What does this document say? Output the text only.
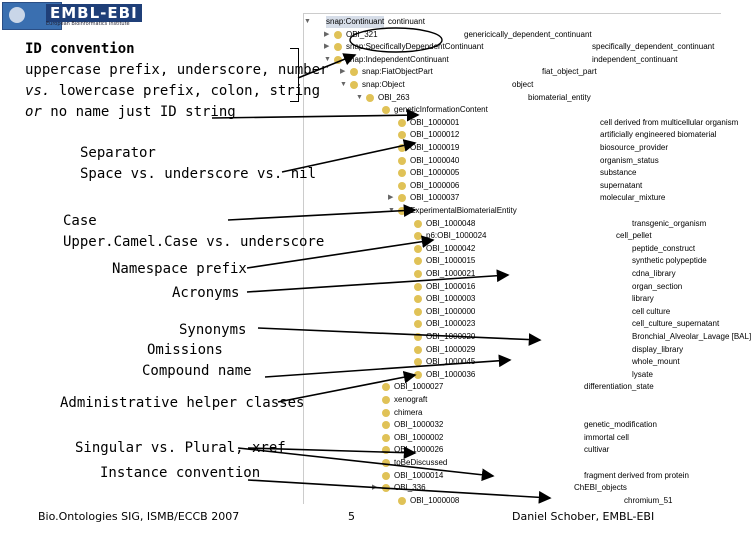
EMBL-EBI
European Bioinformatics Institute	▼ snap:Continuant continuant
▶ OBI_321	genericically_dependent_continuant
▶ snap:SpecificallyDependentContinuant	specifically_dependent_continuant
▼ snap:IndependentContinuant	independent_continuant
▶ snap:FiatObjectPart	fiat_object_part
▼ snap:Object	object
▼ OBI_263	biomaterial_entity
geneticInformationContent
OBI_1000001	cell derived from multicellular organism
OBI_1000012	artificially engineered biomaterial
OBI_1000019	biosource_provider
OBI_1000040	organism_status
OBI_1000005	substance
OBI_1000006	supernatant
▶ OBI_1000037	molecular_mixture
▼ ExperimentalBiomaterialEntity
OBI_1000048	transgenic_organism
p6:OBI_1000024	cell_pellet
OBI_1000042	peptide_construct
OBI_1000015	synthetic polypeptide
OBI_1000021	cdna_library
OBI_1000016	organ_section
OBI_1000003	library
OBI_1000000	cell culture
OBI_1000023	cell_culture_supernatant
OBI_1000020	Bronchial_Alveolar_Lavage [BAL]
OBI_1000029	display_library
OBI_1000045	whole_mount
OBI_1000036	lysate
OBI_1000027	differentiation_state
xenograft
chimera
OBI_1000032	genetic_modification
OBI_1000002	immortal cell
OBI_1000026	cultivar
toBeDiscussed
OBI_1000014	fragment derived from protein
▶ OBI_336	ChEBI_objects
OBI_1000008	chromium_51
ID convention
uppercase prefix, underscore, number
vs. lowercase prefix, colon, string
or no name just ID string
Separator
Space vs. underscore vs. nil
Case
Upper.Camel.Case vs. underscore
Namespace prefix
Acronyms
Synonyms
Omissions
Compound name
Administrative helper classes
Singular vs. Plural, xref
Instance convention
Bio.Ontologies SIG, ISMB/ECCB 2007	5	Daniel Schober, EMBL-EBI
